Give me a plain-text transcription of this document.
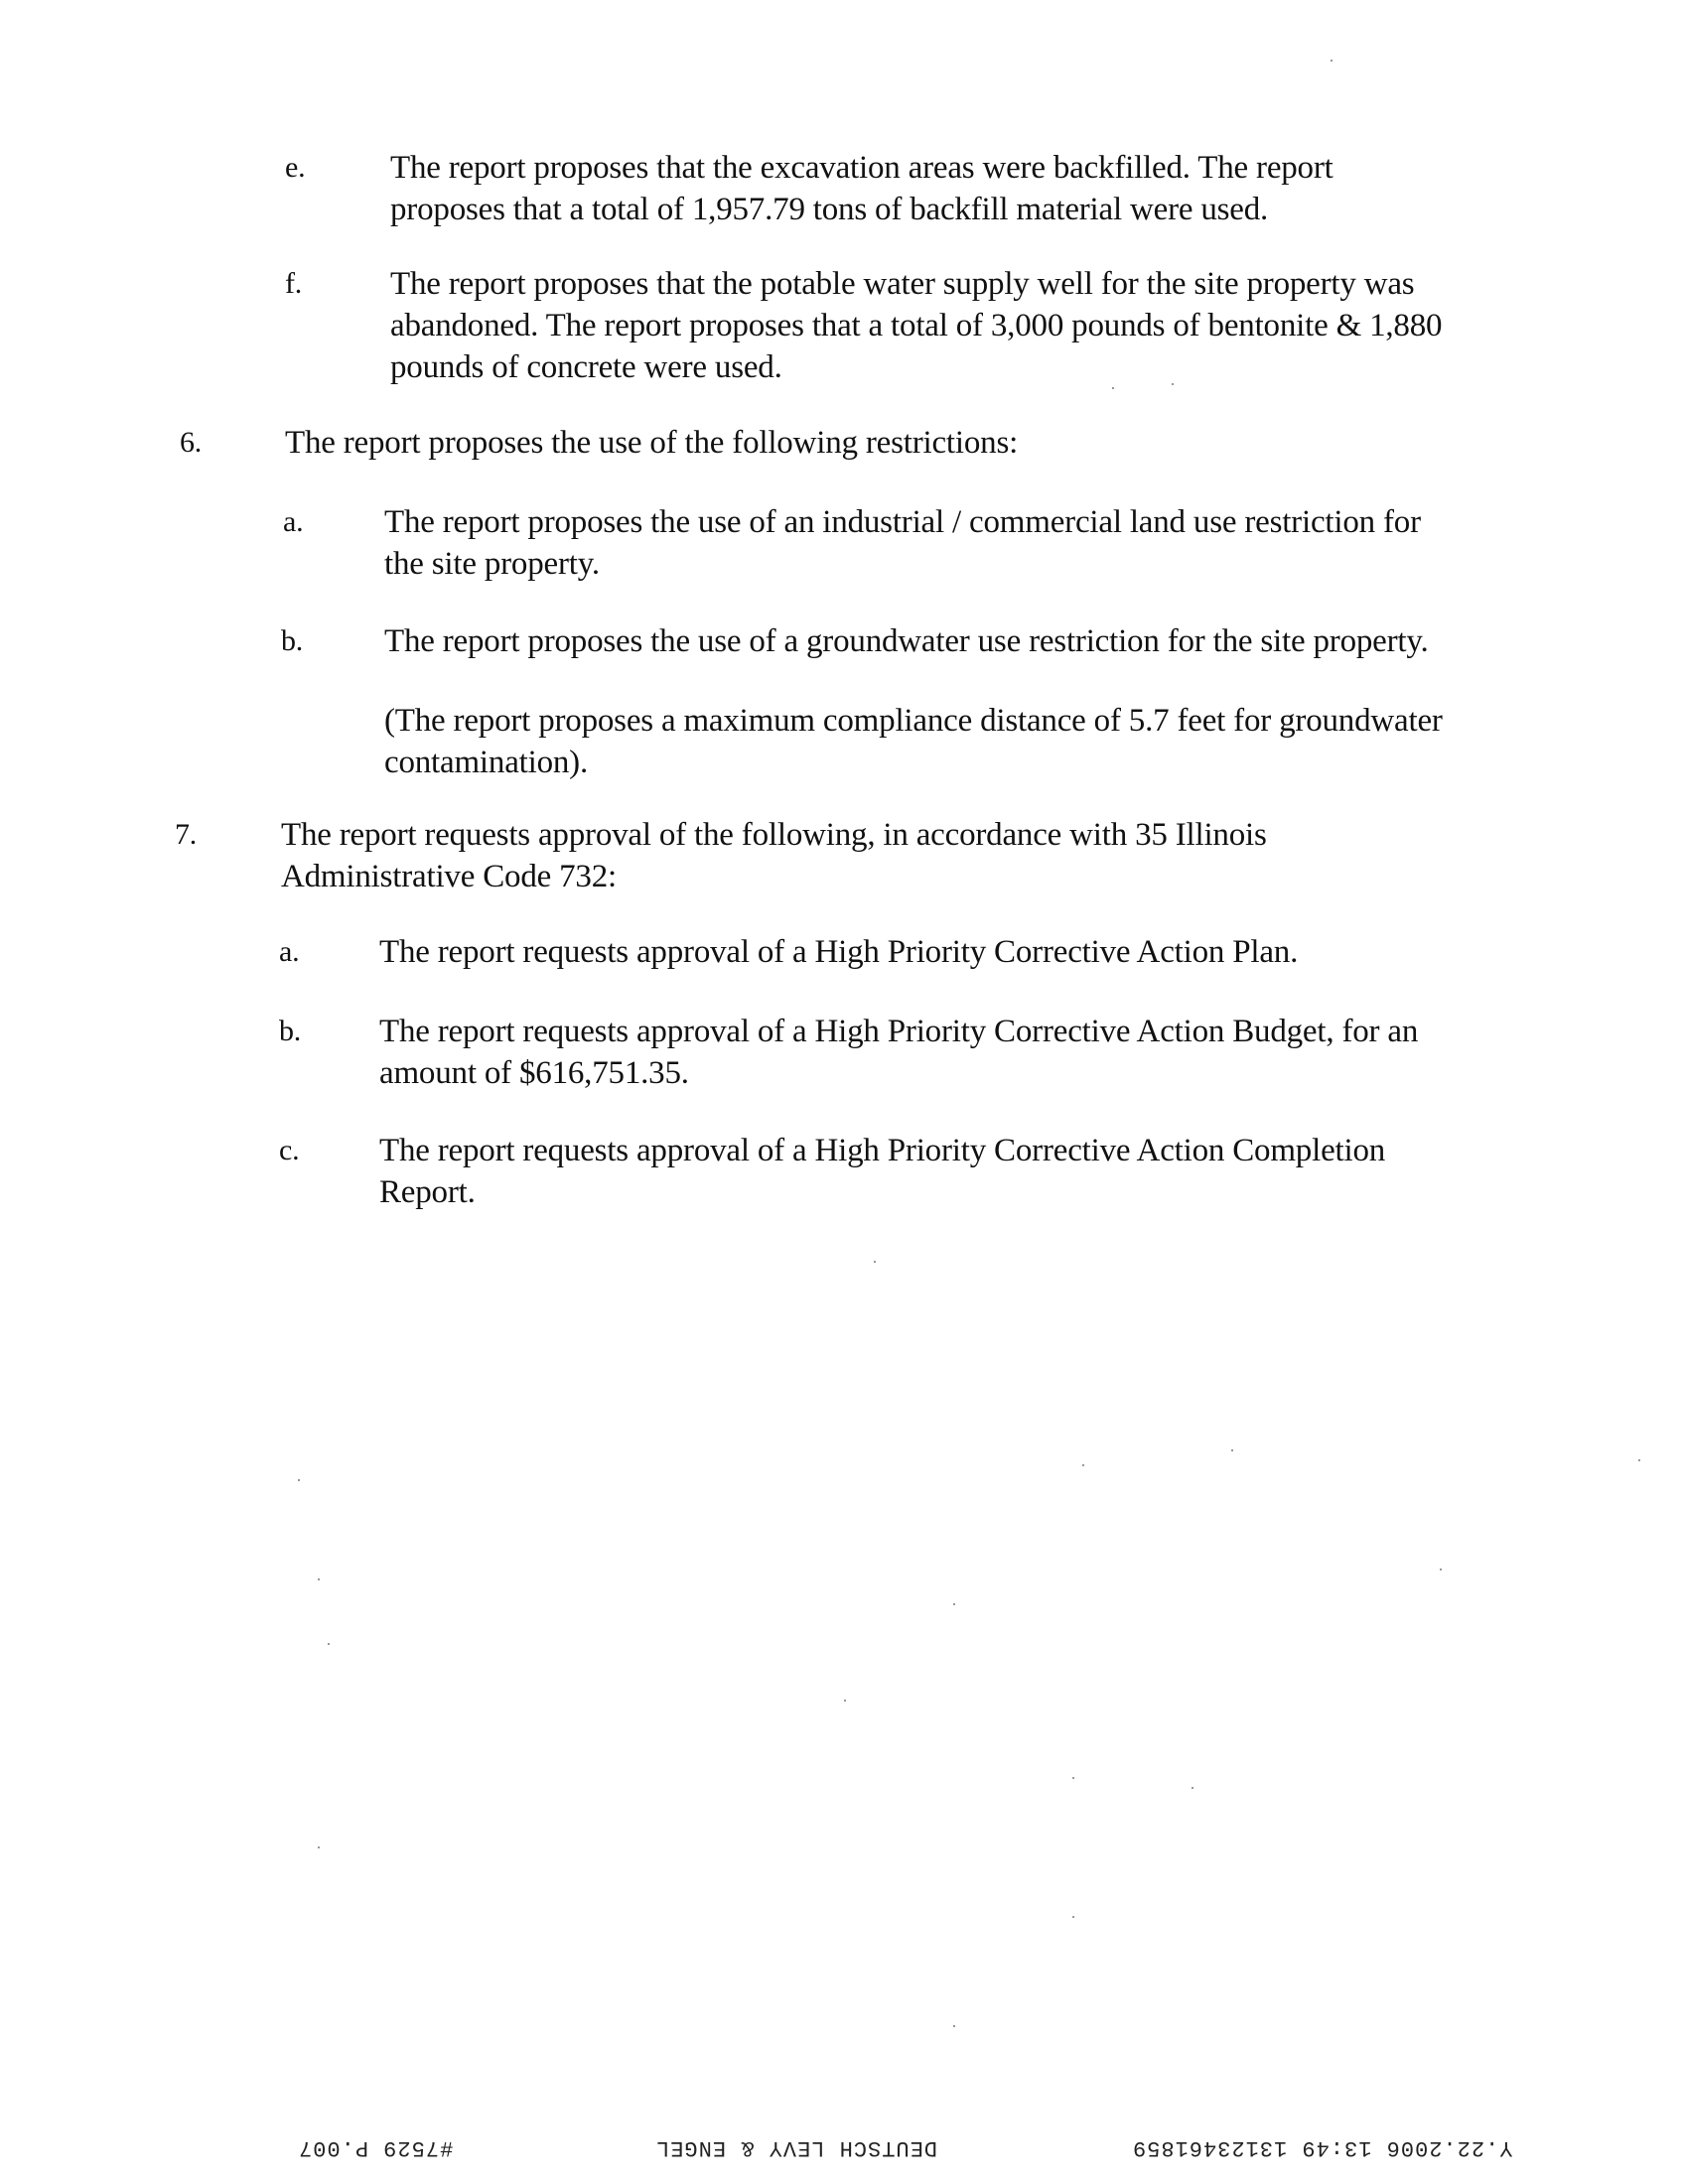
e.	The report proposes that the excavation areas were backfilled. The report
proposes that a total of 1,957.79 tons of backfill material were used.
f.	The report proposes that the potable water supply well for the site property was
abandoned. The report proposes that a total of 3,000 pounds of bentonite & 1,880
pounds of concrete were used.
6.	The report proposes the use of the following restrictions:
a. The report proposes the use of an industrial / commercial land use restriction for
the site property.
b. The report proposes the use of a groundwater use restriction for the site property.
(The report proposes a maximum compliance distance of 5.7 feet for groundwater
contamination).
7.	The report requests approval of the following, in accordance with 35 Illinois
Administrative Code 732:
a. The report requests approval of a High Priority Corrective Action Plan.
b. The report requests approval of a High Priority Corrective Action Budget, for an
amount of $616,751.35.
c. The report requests approval of a High Priority Corrective Action Completion
Report.
#7529 P.007	DEUTSCH LEVY & ENGEL	Y.22.2006 13:49 13123461859
